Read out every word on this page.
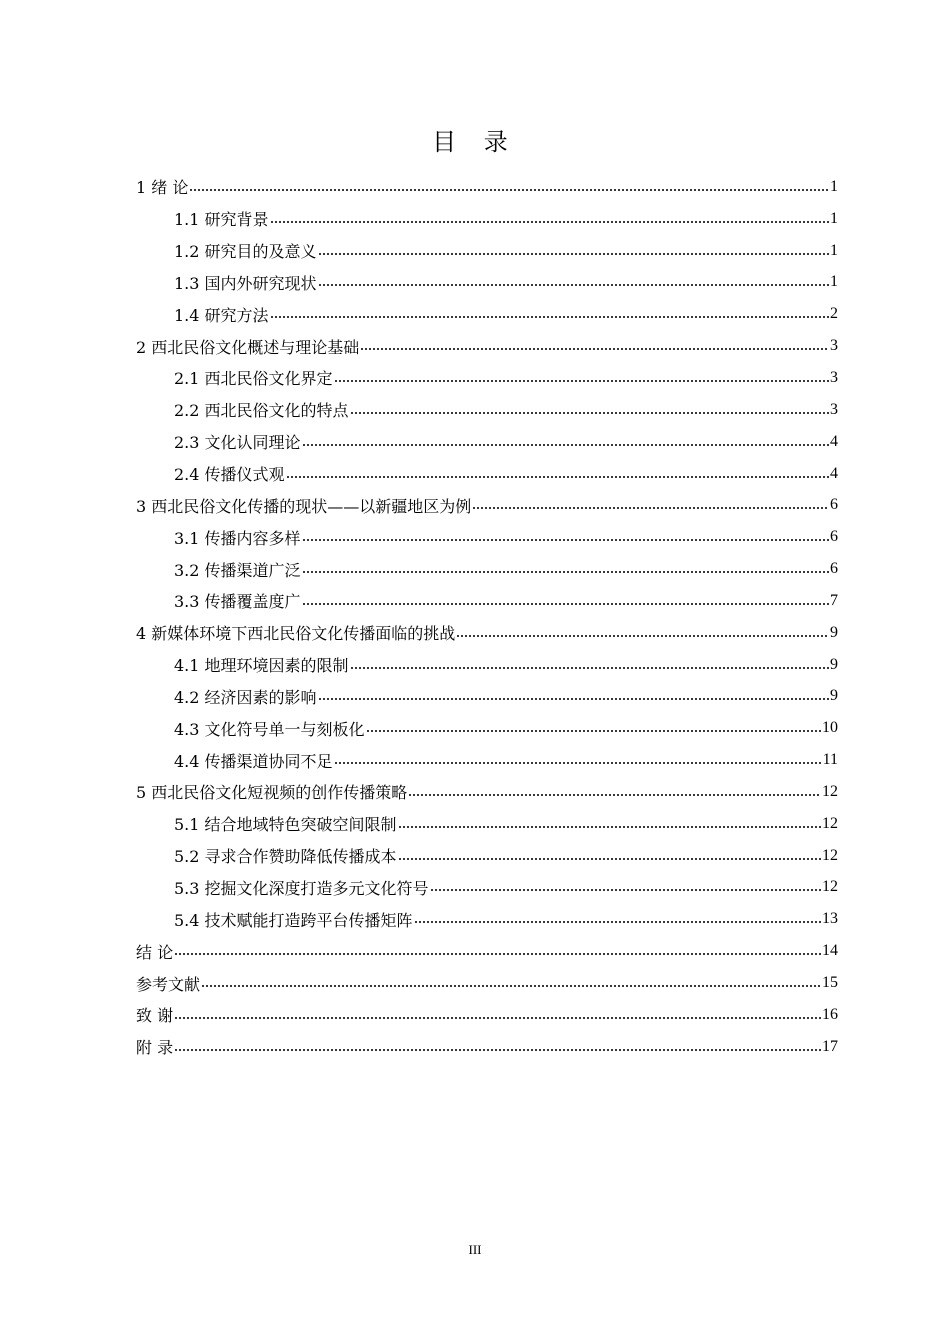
目 录
1 绪 论	1
1.1 研究背景	1
1.2 研究目的及意义	1
1.3 国内外研究现状	1
1.4 研究方法	2
2 西北民俗文化概述与理论基础	3
2.1 西北民俗文化界定	3
2.2 西北民俗文化的特点	3
2.3 文化认同理论	4
2.4 传播仪式观	4
3 西北民俗文化传播的现状——以新疆地区为例	6
3.1 传播内容多样	6
3.2 传播渠道广泛	6
3.3 传播覆盖度广	7
4 新媒体环境下西北民俗文化传播面临的挑战	9
4.1 地理环境因素的限制	9
4.2 经济因素的影响	9
4.3 文化符号单一与刻板化	10
4.4 传播渠道协同不足	11
5 西北民俗文化短视频的创作传播策略	12
5.1 结合地域特色突破空间限制	12
5.2 寻求合作赞助降低传播成本	12
5.3 挖掘文化深度打造多元文化符号	12
5.4 技术赋能打造跨平台传播矩阵	13
结 论	14
参考文献	15
致 谢	16
附 录	17
III
